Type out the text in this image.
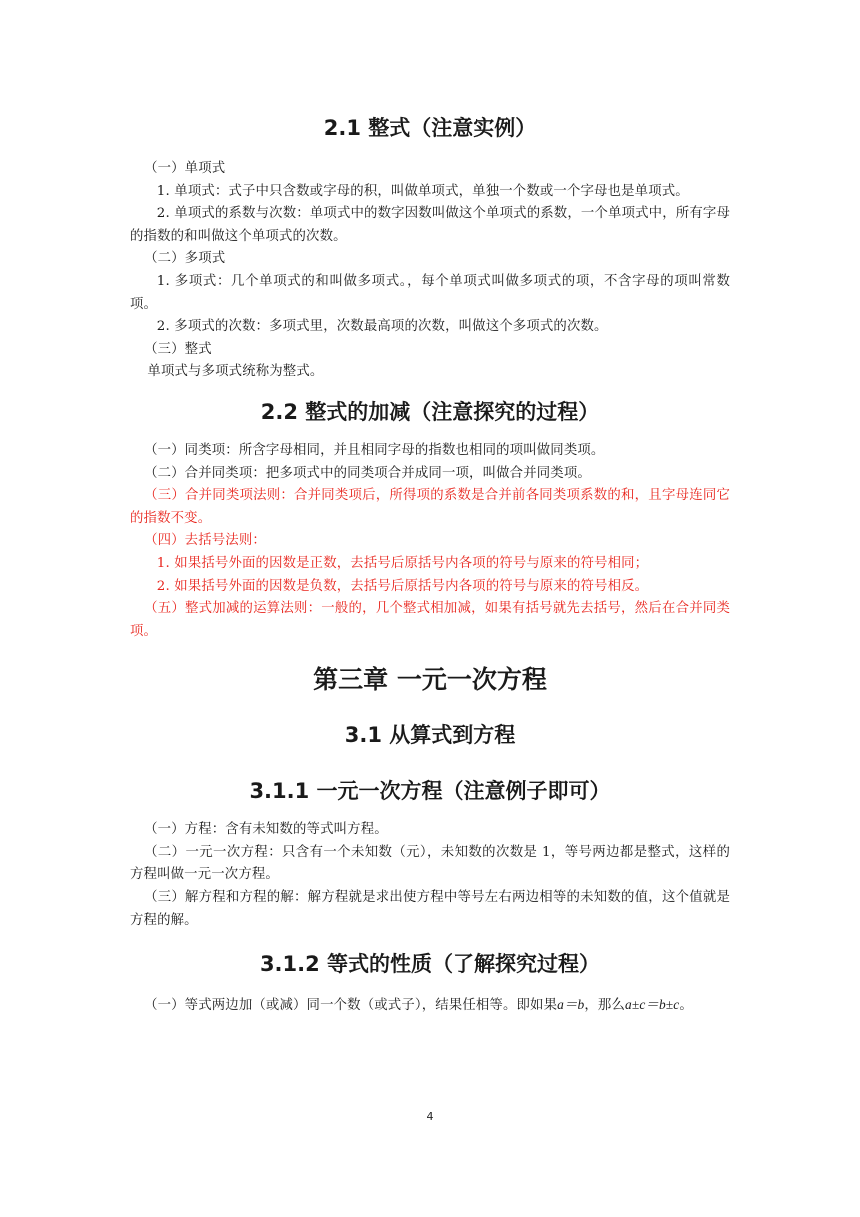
2.1 整式（注意实例）

（一）单项式

1. 单项式：式子中只含数或字母的积，叫做单项式，单独一个数或一个字母也是单项式。

2. 单项式的系数与次数：单项式中的数字因数叫做这个单项式的系数，一个单项式中，所有字母的指数的和叫做这个单项式的次数。

（二）多项式

1. 多项式：几个单项式的和叫做多项式。，每个单项式叫做多项式的项，不含字母的项叫常数项。

2. 多项式的次数：多项式里，次数最高项的次数，叫做这个多项式的次数。

（三）整式

单项式与多项式统称为整式。

2.2 整式的加减（注意探究的过程）

（一）同类项：所含字母相同，并且相同字母的指数也相同的项叫做同类项。

（二）合并同类项：把多项式中的同类项合并成同一项，叫做合并同类项。

（三）合并同类项法则：合并同类项后，所得项的系数是合并前各同类项系数的和，且字母连同它的指数不变。

（四）去括号法则：

1. 如果括号外面的因数是正数，去括号后原括号内各项的符号与原来的符号相同；

2. 如果括号外面的因数是负数，去括号后原括号内各项的符号与原来的符号相反。

（五）整式加减的运算法则：一般的，几个整式相加减，如果有括号就先去括号，然后在合并同类项。

第三章 一元一次方程
3.1 从算式到方程
3.1.1 一元一次方程（注意例子即可）

（一）方程：含有未知数的等式叫方程。

（二）一元一次方程：只含有一个未知数（元），未知数的次数是 1，等号两边都是整式，这样的方程叫做一元一次方程。

（三）解方程和方程的解：解方程就是求出使方程中等号左右两边相等的未知数的值，这个值就是方程的解。

3.1.2 等式的性质（了解探究过程）

（一）等式两边加（或减）同一个数（或式子），结果任相等。即如果a＝b，那么a±c＝b±c。

4
